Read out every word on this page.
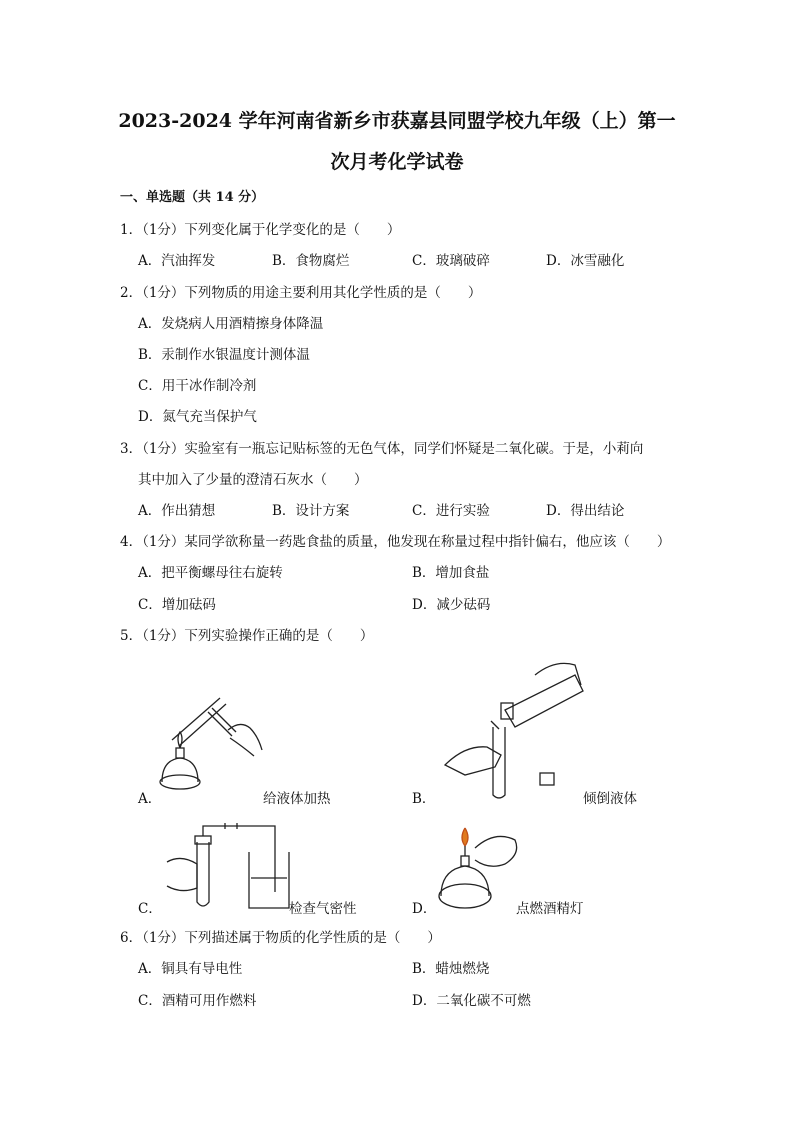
2023-2024 学年河南省新乡市获嘉县同盟学校九年级（上）第一
次月考化学试卷
一、单选题（共 14 分）
1．（1分）下列变化属于化学变化的是（　　）
A．汽油挥发	B．食物腐烂	C．玻璃破碎	D．冰雪融化
2．（1分）下列物质的用途主要利用其化学性质的是（　　）
A．发烧病人用酒精擦身体降温
B．汞制作水银温度计测体温
C．用干冰作制冷剂
D．氮气充当保护气
3．（1分）实验室有一瓶忘记贴标签的无色气体，同学们怀疑是二氧化碳。于是，小莉向
其中加入了少量的澄清石灰水（　　）
A．作出猜想	B．设计方案	C．进行实验	D．得出结论
4．（1分）某同学欲称量一药匙食盐的质量，他发现在称量过程中指针偏右，他应该（　　）
A．把平衡螺母往右旋转	B．增加食盐
C．增加砝码	D．减少砝码
5．（1分）下列实验操作正确的是（　　）
A．	给液体加热	B．	倾倒液体
C．	检查气密性	D．	点燃酒精灯
6．（1分）下列描述属于物质的化学性质的是（　　）
A．铜具有导电性	B．蜡烛燃烧
C．酒精可用作燃料	D．二氧化碳不可燃
